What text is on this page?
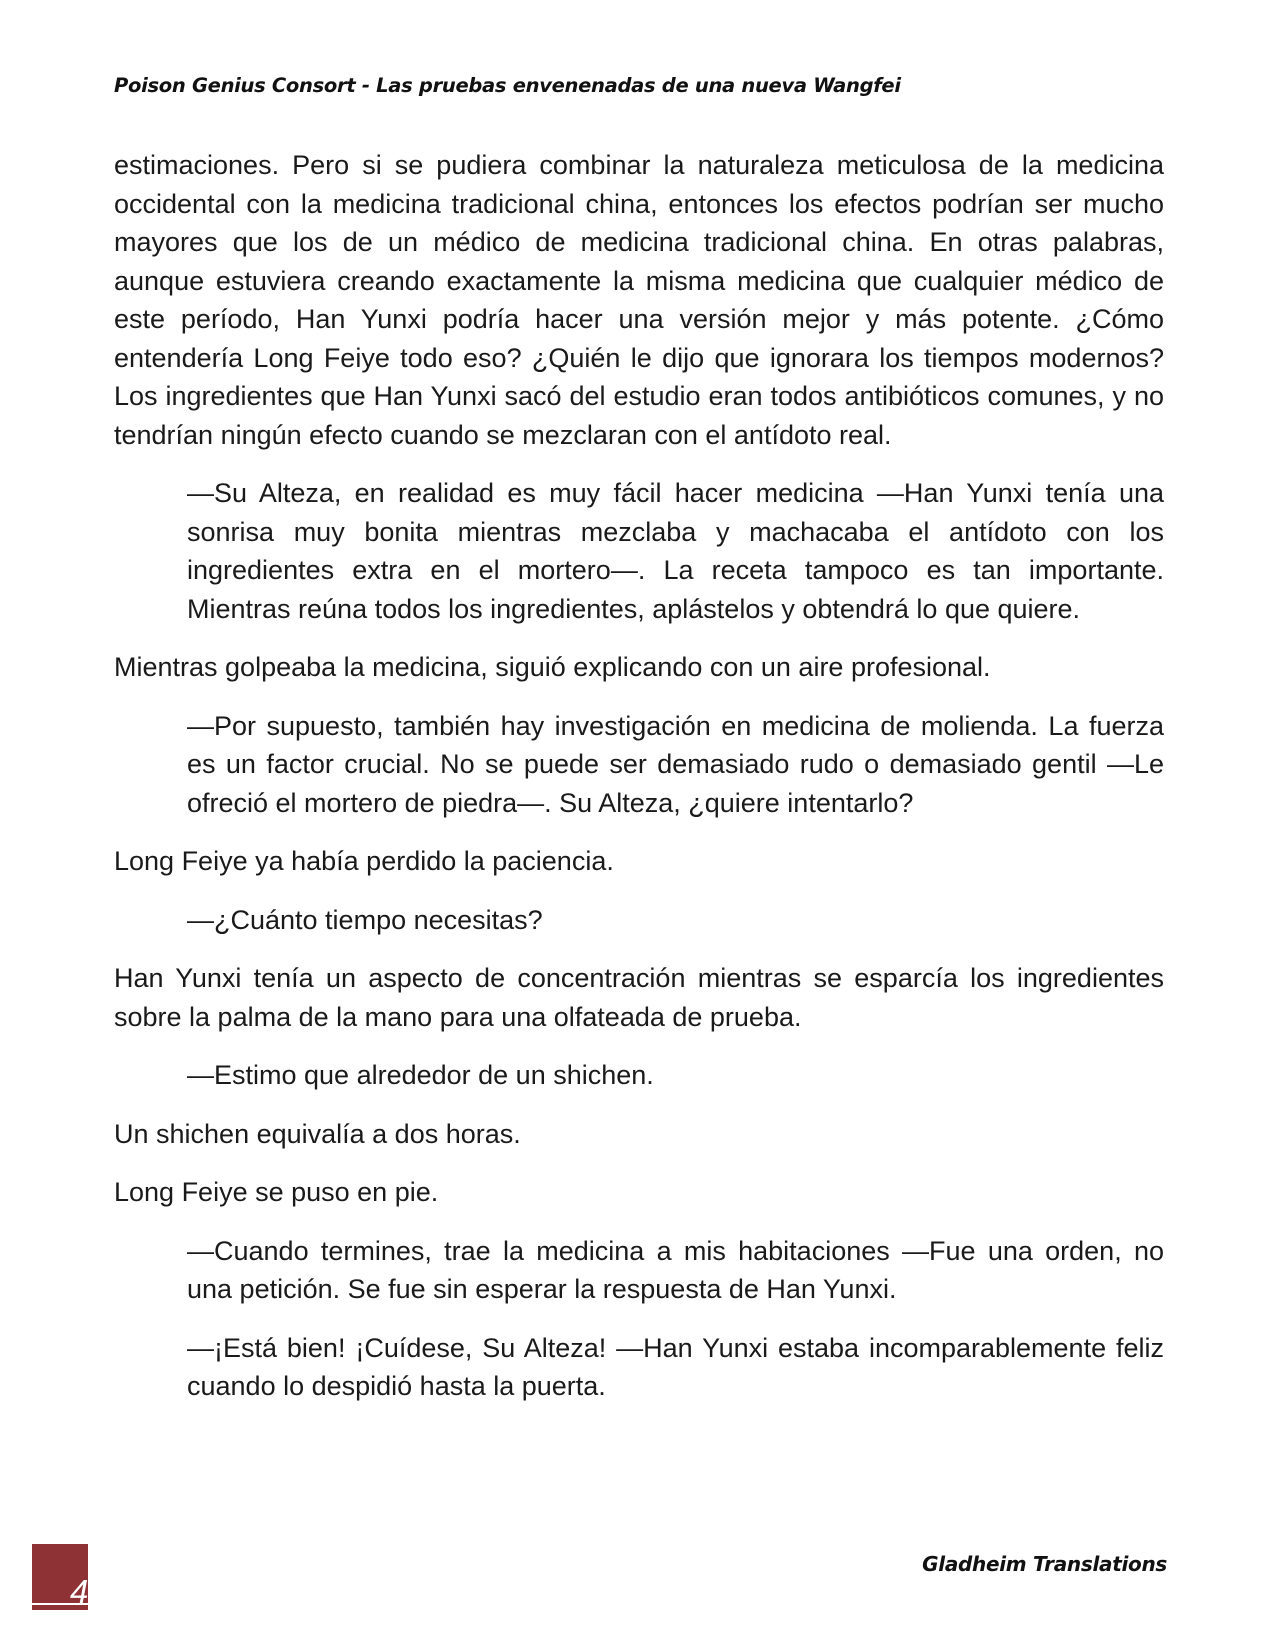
Poison Genius Consort - Las pruebas envenenadas de una nueva Wangfei

estimaciones. Pero si se pudiera combinar la naturaleza meticulosa de la medicina occidental con la medicina tradicional china, entonces los efectos podrían ser mucho mayores que los de un médico de medicina tradicional china. En otras palabras, aunque estuviera creando exactamente la misma medicina que cualquier médico de este período, Han Yunxi podría hacer una versión mejor y más potente. ¿Cómo entendería Long Feiye todo eso? ¿Quién le dijo que ignorara los tiempos modernos? Los ingredientes que Han Yunxi sacó del estudio eran todos antibióticos comunes, y no tendrían ningún efecto cuando se mezclaran con el antídoto real.

—Su Alteza, en realidad es muy fácil hacer medicina —Han Yunxi tenía una sonrisa muy bonita mientras mezclaba y machacaba el antídoto con los ingredientes extra en el mortero—. La receta tampoco es tan importante. Mientras reúna todos los ingredientes, aplástelos y obtendrá lo que quiere.

Mientras golpeaba la medicina, siguió explicando con un aire profesional.

—Por supuesto, también hay investigación en medicina de molienda. La fuerza es un factor crucial. No se puede ser demasiado rudo o demasiado gentil —Le ofreció el mortero de piedra—. Su Alteza, ¿quiere intentarlo?

Long Feiye ya había perdido la paciencia.

—¿Cuánto tiempo necesitas?

Han Yunxi tenía un aspecto de concentración mientras se esparcía los ingredientes sobre la palma de la mano para una olfateada de prueba.

—Estimo que alrededor de un shichen.

Un shichen equivalía a dos horas.

Long Feiye se puso en pie.

—Cuando termines, trae la medicina a mis habitaciones —Fue una orden, no una petición. Se fue sin esperar la respuesta de Han Yunxi.

—¡Está bien! ¡Cuídese, Su Alteza! —Han Yunxi estaba incomparablemente feliz cuando lo despidió hasta la puerta.

4
Gladheim Translations
